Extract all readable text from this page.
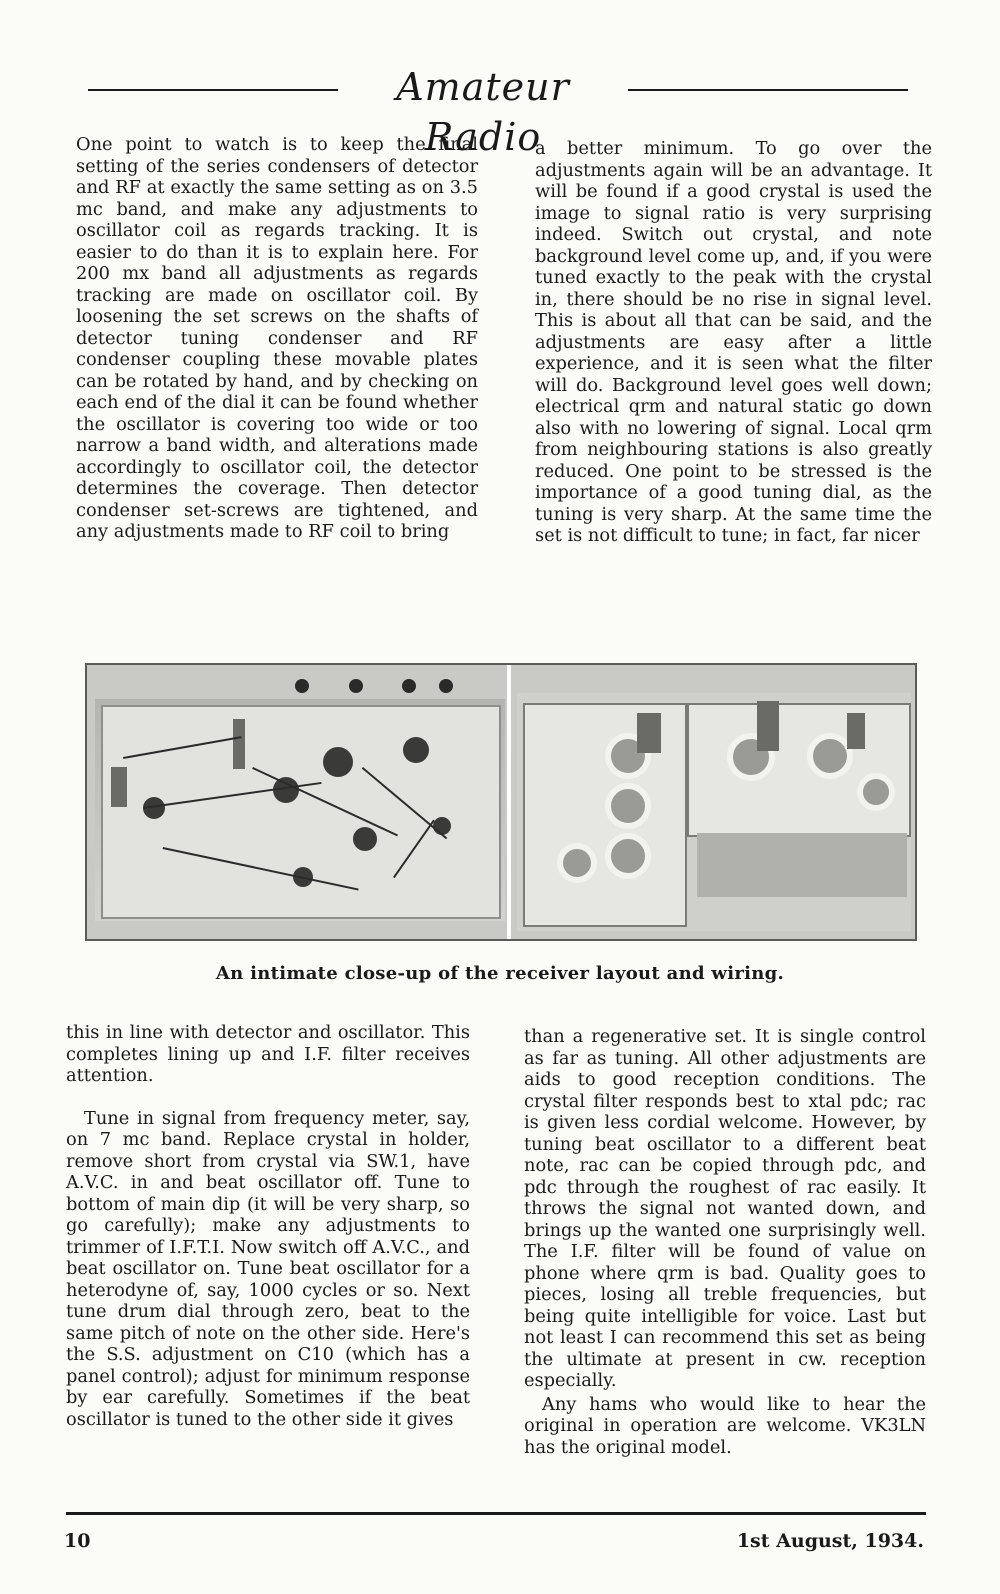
Amateur Radio

One point to watch is to keep the final setting of the series condensers of detector and RF at exactly the same setting as on 3.5 mc band, and make any adjustments to oscillator coil as regards tracking. It is easier to do than it is to explain here. For 200 mx band all adjustments as regards tracking are made on oscillator coil. By loosening the set screws on the shafts of detector tuning condenser and RF condenser coupling these movable plates can be rotated by hand, and by checking on each end of the dial it can be found whether the oscillator is covering too wide or too narrow a band width, and alterations made accordingly to oscillator coil, the detector determines the coverage. Then detector condenser set-screws are tightened, and any adjustments made to RF coil to bring

a better minimum. To go over the adjustments again will be an advantage. It will be found if a good crystal is used the image to signal ratio is very surprising indeed. Switch out crystal, and note background level come up, and, if you were tuned exactly to the peak with the crystal in, there should be no rise in signal level. This is about all that can be said, and the adjustments are easy after a little experience, and it is seen what the filter will do. Background level goes well down; electrical qrm and natural static go down also with no lowering of signal. Local qrm from neighbouring stations is also greatly reduced. One point to be stressed is the importance of a good tuning dial, as the tuning is very sharp. At the same time the set is not difficult to tune; in fact, far nicer

An intimate close-up of the receiver layout and wiring.

this in line with detector and oscillator. This completes lining up and I.F. filter receives attention.

Tune in signal from frequency meter, say, on 7 mc band. Replace crystal in holder, remove short from crystal via SW.1, have A.V.C. in and beat oscillator off. Tune to bottom of main dip (it will be very sharp, so go carefully); make any adjustments to trimmer of I.F.T.I. Now switch off A.V.C., and beat oscillator on. Tune beat oscillator for a heterodyne of, say, 1000 cycles or so. Next tune drum dial through zero, beat to the same pitch of note on the other side. Here's the S.S. adjustment on C10 (which has a panel control); adjust for minimum response by ear carefully. Sometimes if the beat oscillator is tuned to the other side it gives

than a regenerative set. It is single control as far as tuning. All other adjustments are aids to good reception conditions. The crystal filter responds best to xtal pdc; rac is given less cordial welcome. However, by tuning beat oscillator to a different beat note, rac can be copied through pdc, and pdc through the roughest of rac easily. It throws the signal not wanted down, and brings up the wanted one surprisingly well. The I.F. filter will be found of value on phone where qrm is bad. Quality goes to pieces, losing all treble frequencies, but being quite intelligible for voice. Last but not least I can recommend this set as being the ultimate at present in cw. reception especially.

Any hams who would like to hear the original in operation are welcome. VK3LN has the original model.

10	1st August, 1934.
